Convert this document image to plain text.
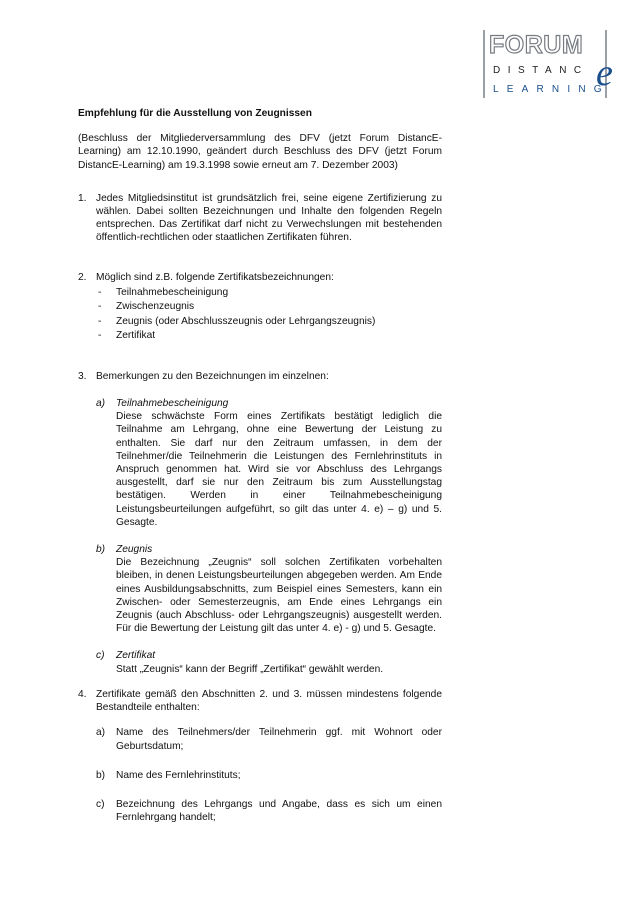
FORUM
DISTANC
LEARNING
e

Empfehlung für die Ausstellung von Zeugnissen

(Beschluss der Mitgliederversammlung des DFV (jetzt Forum DistancE-Learning) am 12.10.1990, geändert durch Beschluss des DFV (jetzt Forum DistancE-Learning) am 19.3.1998 sowie erneut am 7. Dezember 2003)

1. Jedes Mitgliedsinstitut ist grundsätzlich frei, seine eigene Zertifizierung zu wählen. Dabei sollten Bezeichnungen und Inhalte den folgenden Regeln entsprechen. Das Zertifikat darf nicht zu Verwechslungen mit bestehenden öffentlich-rechtlichen oder staatlichen Zertifikaten führen.
2. Möglich sind z.B. folgende Zertifikatsbezeichnungen:
- Teilnahmebescheinigung
- Zwischenzeugnis
- Zeugnis (oder Abschlusszeugnis oder Lehrgangszeugnis)
- Zertifikat
3. Bemerkungen zu den Bezeichnungen im einzelnen:
a) Teilnahmebescheinigung
Diese schwächste Form eines Zertifikats bestätigt lediglich die Teilnahme am Lehrgang, ohne eine Bewertung der Leistung zu enthalten. Sie darf nur den Zeitraum umfassen, in dem der Teilnehmer/die Teilnehmerin die Leistungen des Fernlehrinstituts in Anspruch genommen hat. Wird sie vor Abschluss des Lehrgangs ausgestellt, darf sie nur den Zeitraum bis zum Ausstellungstag bestätigen. Werden in einer Teilnahmebescheinigung Leistungsbeurteilungen aufgeführt, so gilt das unter 4. e) – g) und 5. Gesagte.
b) Zeugnis
Die Bezeichnung „Zeugnis“ soll solchen Zertifikaten vorbehalten bleiben, in denen Leistungsbeurteilungen abgegeben werden. Am Ende eines Ausbildungsabschnitts, zum Beispiel eines Semesters, kann ein Zwischen- oder Semesterzeugnis, am Ende eines Lehrgangs ein Zeugnis (auch Abschluss- oder Lehrgangszeugnis) ausgestellt werden. Für die Bewertung der Leistung gilt das unter 4. e) - g) und 5. Gesagte.
c) Zertifikat
Statt „Zeugnis“ kann der Begriff „Zertifikat“ gewählt werden.
4. Zertifikate gemäß den Abschnitten 2. und 3. müssen mindestens folgende Bestandteile enthalten:
a) Name des Teilnehmers/der Teilnehmerin ggf. mit Wohnort oder Geburtsdatum;
b) Name des Fernlehrinstituts;
c) Bezeichnung des Lehrgangs und Angabe, dass es sich um einen Fernlehrgang handelt;
